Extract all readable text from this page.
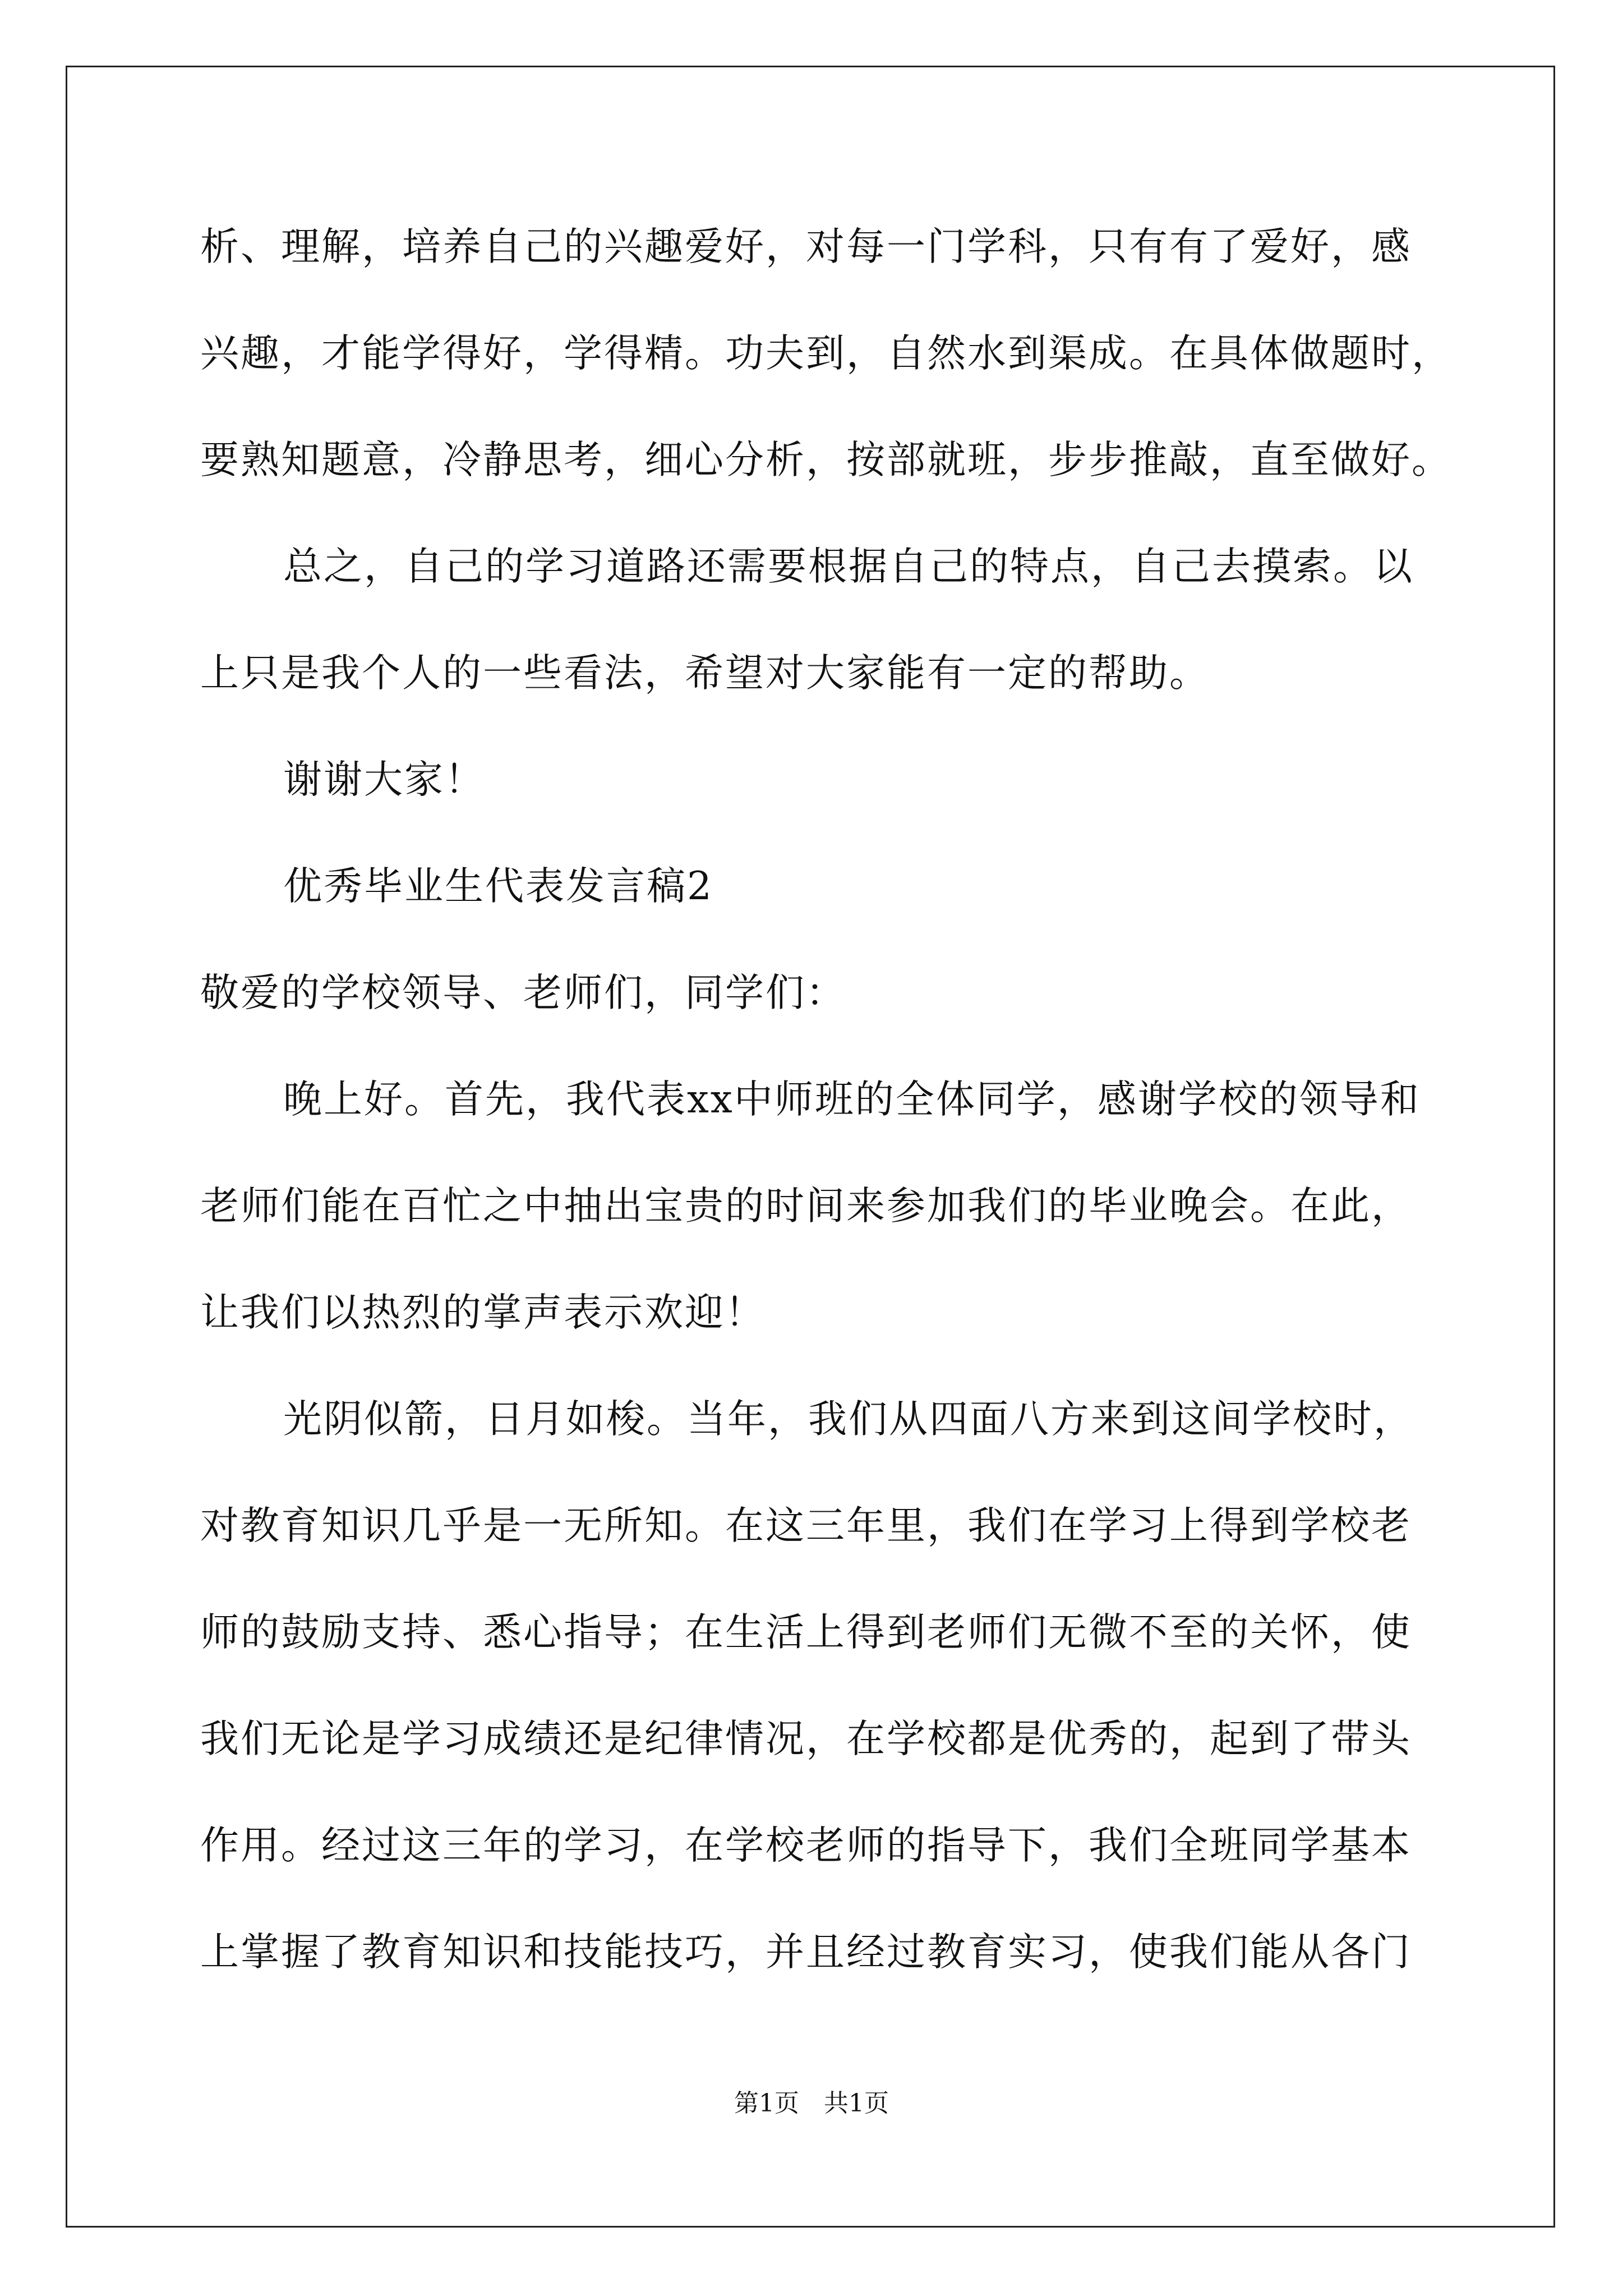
析、理解，培养自己的兴趣爱好，对每一门学科，只有有了爱好，感
兴趣，才能学得好，学得精。功夫到，自然水到渠成。在具体做题时，
要熟知题意，冷静思考，细心分析，按部就班，步步推敲，直至做好。
总之，自己的学习道路还需要根据自己的特点，自己去摸索。以
上只是我个人的一些看法，希望对大家能有一定的帮助。
谢谢大家！
优秀毕业生代表发言稿2
敬爱的学校领导、老师们，同学们：
晚上好。首先，我代表xx中师班的全体同学，感谢学校的领导和
老师们能在百忙之中抽出宝贵的时间来参加我们的毕业晚会。在此，
让我们以热烈的掌声表示欢迎！
光阴似箭，日月如梭。当年，我们从四面八方来到这间学校时，
对教育知识几乎是一无所知。在这三年里，我们在学习上得到学校老
师的鼓励支持、悉心指导；在生活上得到老师们无微不至的关怀，使
我们无论是学习成绩还是纪律情况，在学校都是优秀的，起到了带头
作用。经过这三年的学习，在学校老师的指导下，我们全班同学基本
上掌握了教育知识和技能技巧，并且经过教育实习，使我们能从各门
第1页　共1页
